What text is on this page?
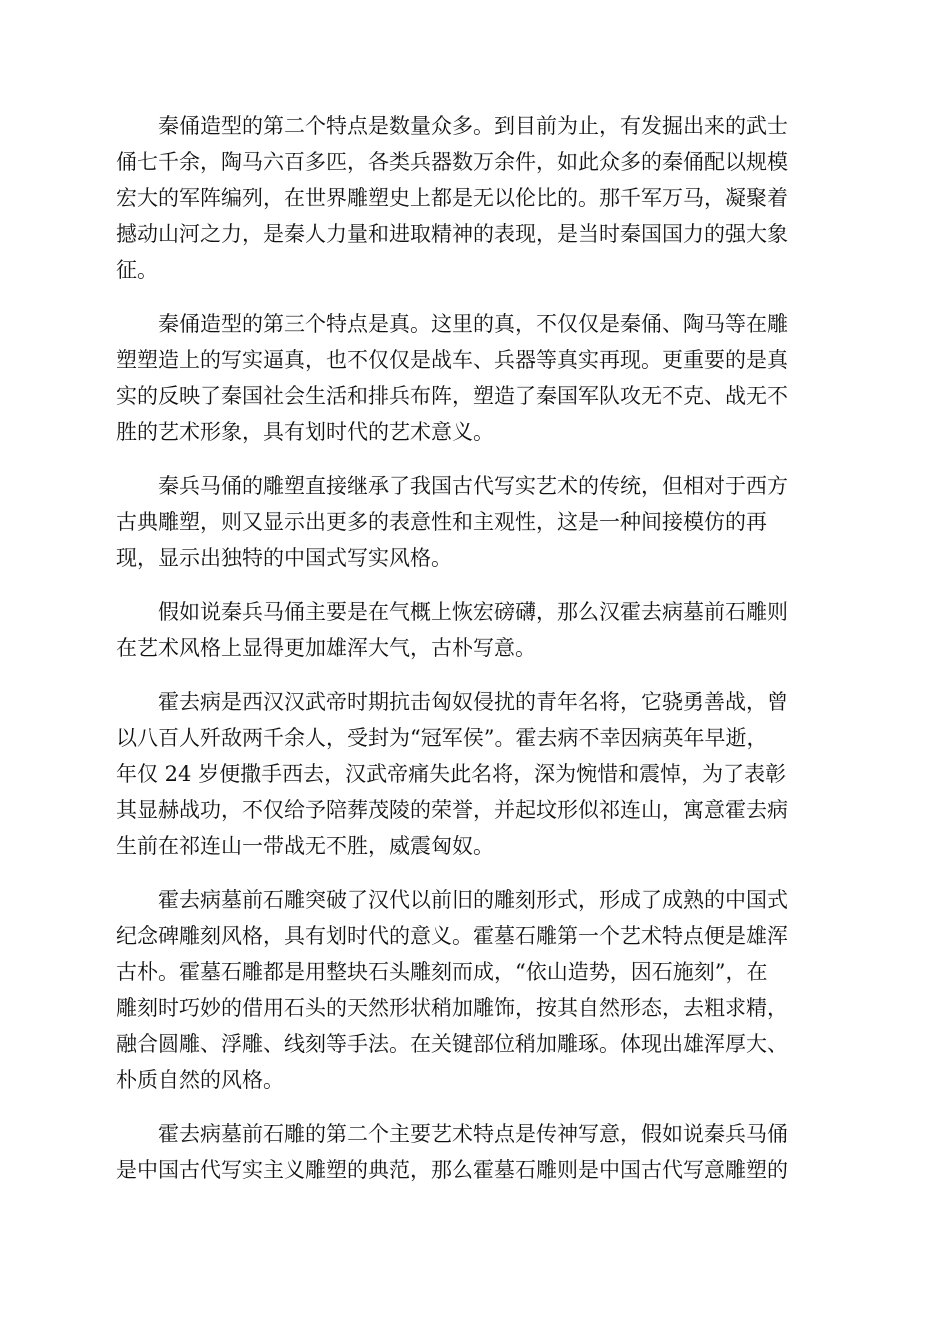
秦俑造型的第二个特点是数量众多。到目前为止，有发掘出来的武士
俑七千余，陶马六百多匹，各类兵器数万余件，如此众多的秦俑配以规模
宏大的军阵编列，在世界雕塑史上都是无以伦比的。那千军万马，凝聚着
撼动山河之力，是秦人力量和进取精神的表现，是当时秦国国力的强大象
征。
秦俑造型的第三个特点是真。这里的真，不仅仅是秦俑、陶马等在雕
塑塑造上的写实逼真，也不仅仅是战车、兵器等真实再现。更重要的是真
实的反映了秦国社会生活和排兵布阵，塑造了秦国军队攻无不克、战无不
胜的艺术形象，具有划时代的艺术意义。
秦兵马俑的雕塑直接继承了我国古代写实艺术的传统，但相对于西方
古典雕塑，则又显示出更多的表意性和主观性，这是一种间接模仿的再
现，显示出独特的中国式写实风格。
假如说秦兵马俑主要是在气概上恢宏磅礴，那么汉霍去病墓前石雕则
在艺术风格上显得更加雄浑大气，古朴写意。
霍去病是西汉汉武帝时期抗击匈奴侵扰的青年名将，它骁勇善战，曾
以八百人歼敌两千余人，受封为“冠军侯”。霍去病不幸因病英年早逝，
年仅 24 岁便撒手西去，汉武帝痛失此名将，深为惋惜和震悼，为了表彰
其显赫战功，不仅给予陪葬茂陵的荣誉，并起坟形似祁连山，寓意霍去病
生前在祁连山一带战无不胜，威震匈奴。
霍去病墓前石雕突破了汉代以前旧的雕刻形式，形成了成熟的中国式
纪念碑雕刻风格，具有划时代的意义。霍墓石雕第一个艺术特点便是雄浑
古朴。霍墓石雕都是用整块石头雕刻而成，“依山造势，因石施刻”，在
雕刻时巧妙的借用石头的天然形状稍加雕饰，按其自然形态，去粗求精，
融合圆雕、浮雕、线刻等手法。在关键部位稍加雕琢。体现出雄浑厚大、
朴质自然的风格。
霍去病墓前石雕的第二个主要艺术特点是传神写意，假如说秦兵马俑
是中国古代写实主义雕塑的典范，那么霍墓石雕则是中国古代写意雕塑的
